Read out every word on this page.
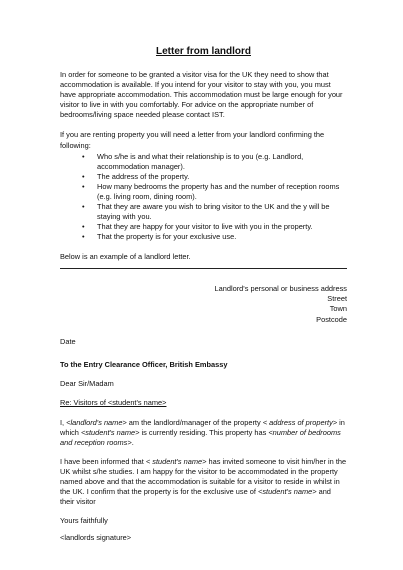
Letter from landlord

In order for someone to be granted a visitor visa for the UK they need to show that accommodation is available. If you intend for your visitor to stay with you, you must have appropriate accommodation. This accommodation must be large enough for your visitor to live in with you comfortably. For advice on the appropriate number of bedrooms/living space needed please contact IST.

If you are renting property you will need a letter from your landlord confirming the following:

• Who s/he is and what their relationship is to you (e.g. Landlord, accommodation manager).
• The address of the property.
• How many bedrooms the property has and the number of reception rooms (e.g. living room, dining room).
• That they are aware you wish to bring visitor to the UK and the y will be staying with you.
• That they are happy for your visitor to live with you in the property.
• That the property is for your exclusive use.

Below is an example of a landlord letter.

Landlord's personal or business address
Street
Town
Postcode

Date

To the Entry Clearance Officer, British Embassy

Dear Sir/Madam

Re: Visitors of <student's name>

I, <landlord's name> am the landlord/manager of the property < address of property> in which <student's name> is currently residing. This property has <number of bedrooms and reception rooms>.

I have been informed that < student's name> has invited someone to visit him/her in the UK whilst s/he studies. I am happy for the visitor to be accommodated in the property named above and that the accommodation is suitable for a visitor to reside in whilst in the UK. I confirm that the property is for the exclusive use of <student's name> and their visitor

Yours faithfully

<landlords signature>
